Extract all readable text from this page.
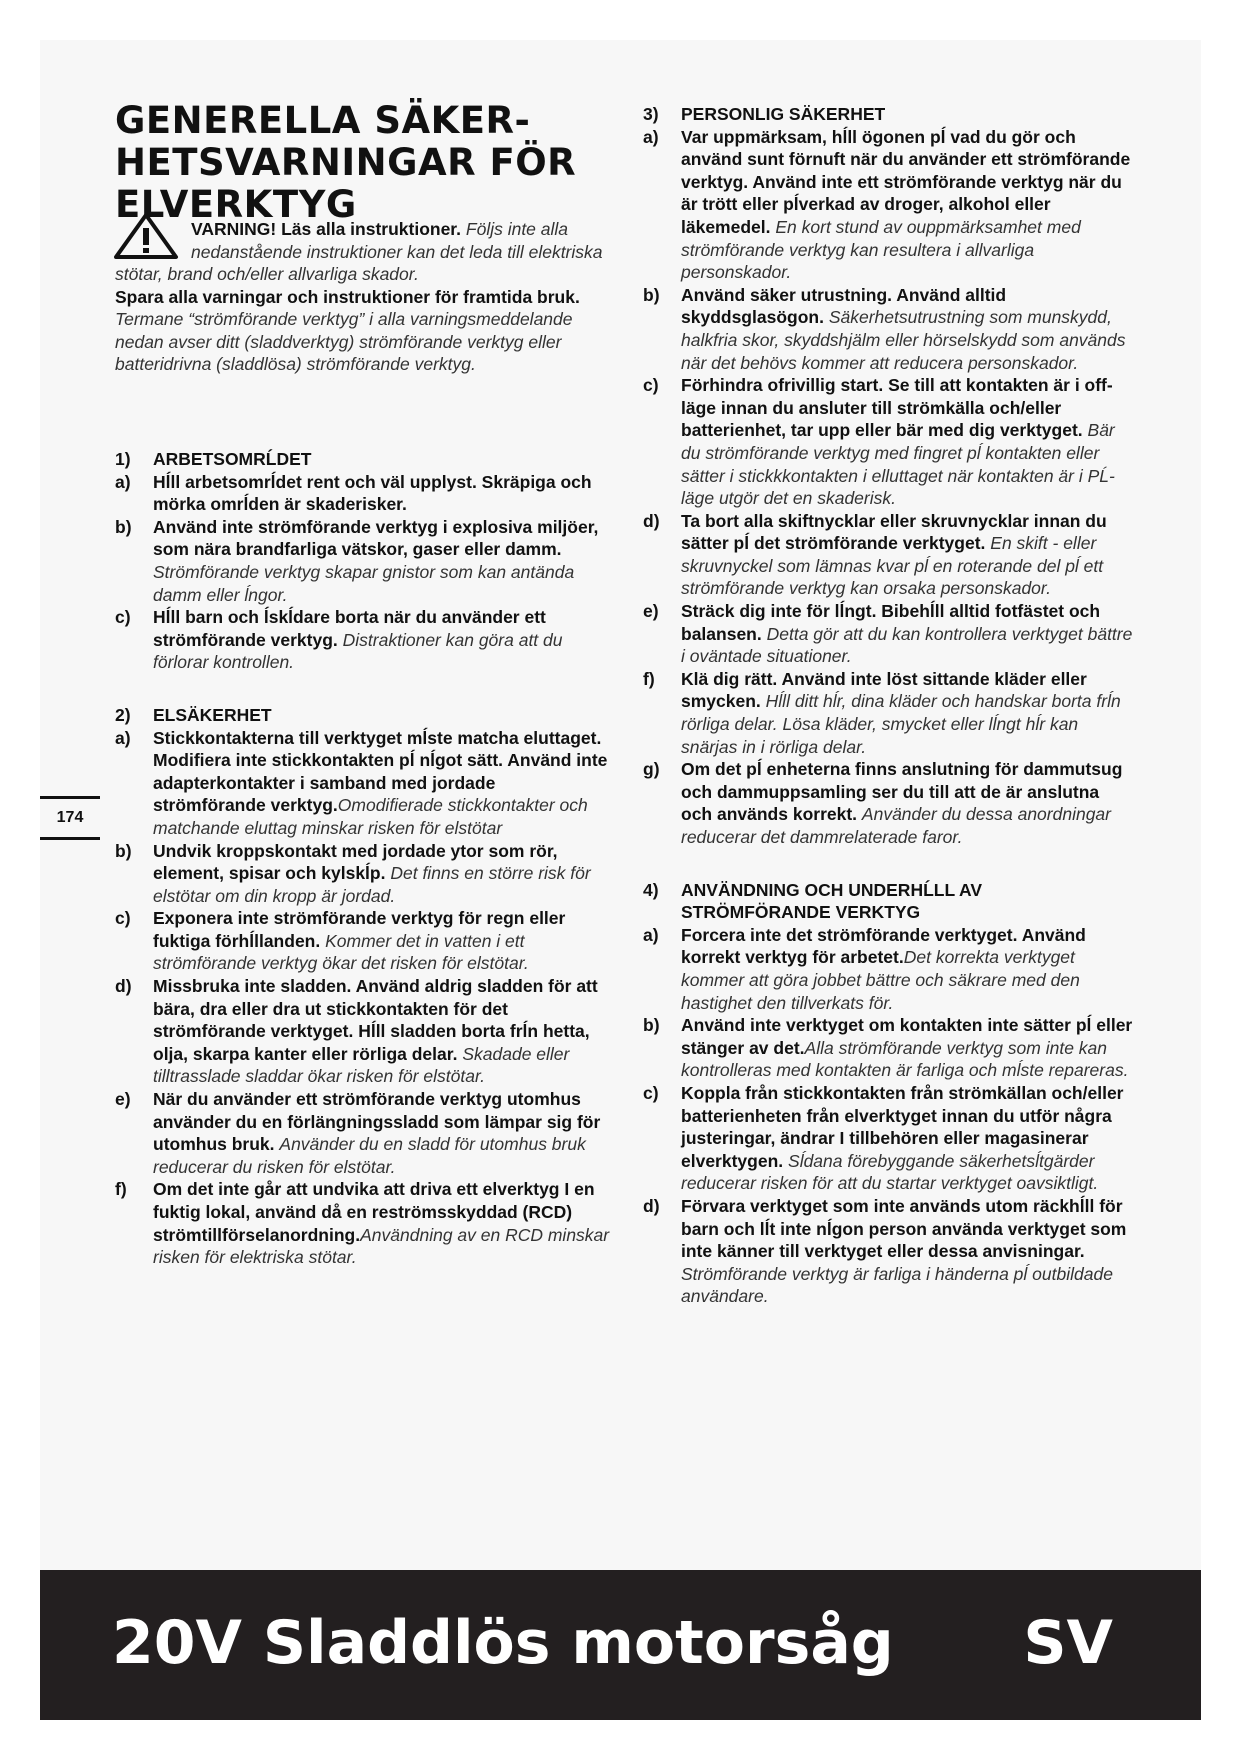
GENERELLA SÄKER-HETSVARNINGAR FÖR ELVERKTYG
VARNING! Läs alla instruktioner. Följs inte alla nedanstående instruktioner kan det leda till elektriska stötar, brand och/eller allvarliga skador.
Spara alla varningar och instruktioner för framtida bruk.
Termane “strömförande verktyg” i alla varningsmeddelande nedan avser ditt (sladdverktyg) strömförande verktyg eller batteridrivna (sladdlösa) strömförande verktyg.
1)	ARBETSOMRĹDET
a)	Hĺll arbetsomrĺdet rent och väl upplyst. Skräpiga och mörka omrĺden är skaderisker.
b)	Använd inte strömförande verktyg i explosiva miljöer, som nära brandfarliga vätskor, gaser eller damm. Strömförande verktyg skapar gnistor som kan antända damm eller ĺngor.
c)	Hĺll barn och ĺskĺdare borta när du använder ett strömförande verktyg. Distraktioner kan göra att du förlorar kontrollen.
2)	ELSÄKERHET
a)	Stickkontakterna till verktyget mĺste matcha eluttaget. Modifiera inte stickkontakten pĺ nĺgot sätt. Använd inte adapterkontakter i samband med jordade strömförande verktyg.Omodifierade stickkontakter och matchande eluttag minskar risken för elstötar
b)	Undvik kroppskontakt med jordade ytor som rör, element, spisar och kylskĺp. Det finns en större risk för elstötar om din kropp är jordad.
c)	Exponera inte strömförande verktyg för regn eller fuktiga förhĺllanden. Kommer det in vatten i ett strömförande verktyg ökar det risken för elstötar.
d)	Missbruka inte sladden. Använd aldrig sladden för att bära, dra eller dra ut stickkontakten för det strömförande verktyget. Hĺll sladden borta frĺn hetta, olja, skarpa kanter eller rörliga delar. Skadade eller tilltrasslade sladdar ökar risken för elstötar.
e)	När du använder ett strömförande verktyg utomhus använder du en förlängningssladd som lämpar sig för utomhus bruk. Använder du en sladd för utomhus bruk reducerar du risken för elstötar.
f)	Om det inte går att undvika att driva ett elverktyg I en fuktig lokal, använd då en reströmsskyddad (RCD) strömtillförselanordning.Användning av en RCD minskar risken för elektriska stötar.
174
3)	PERSONLIG SÄKERHET
a)	Var uppmärksam, hĺll ögonen pĺ vad du gör och använd sunt förnuft när du använder ett strömförande verktyg. Använd inte ett strömförande verktyg när du är trött eller pĺverkad av droger, alkohol eller läkemedel. En kort stund av ouppmärksamhet med strömförande verktyg kan resultera i allvarliga personskador.
b)	Använd säker utrustning. Använd alltid skyddsglasögon. Säkerhetsutrustning som munskydd, halkfria skor, skyddshjälm eller hörselskydd som används när det behövs kommer att reducera personskador.
c)	Förhindra ofrivillig start. Se till att kontakten är i off-läge innan du ansluter till strömkälla och/eller batterienhet, tar upp eller bär med dig verktyget. Bär du strömförande verktyg med fingret pĺ kontakten eller sätter i stickkkontakten i elluttaget när kontakten är i PĹ-läge utgör det en skaderisk.
d)	Ta bort alla skiftnycklar eller skruvnycklar innan du sätter pĺ det strömförande verktyget. En skift - eller skruvnyckel som lämnas kvar pĺ en roterande del pĺ ett strömförande verktyg kan orsaka personskador.
e)	Sträck dig inte för lĺngt. Bibehĺll alltid fotfästet och balansen. Detta gör att du kan kontrollera verktyget bättre i oväntade situationer.
f)	Klä dig rätt. Använd inte löst sittande kläder eller smycken. Hĺll ditt hĺr, dina kläder och handskar borta frĺn rörliga delar. Lösa kläder, smycket eller lĺngt hĺr kan snärjas in i rörliga delar.
g)	Om det pĺ enheterna finns anslutning för dammutsug och dammuppsamling ser du till att de är anslutna och används korrekt. Använder du dessa anordningar reducerar det dammrelaterade faror.
4)	ANVÄNDNING OCH UNDERHĹLL AV STRÖMFÖRANDE VERKTYG
a)	Forcera inte det strömförande verktyget. Använd korrekt verktyg för arbetet.Det korrekta verktyget kommer att göra jobbet bättre och säkrare med den hastighet den tillverkats för.
b)	Använd inte verktyget om kontakten inte sätter pĺ eller stänger av det.Alla strömförande verktyg som inte kan kontrolleras med kontakten är farliga och mĺste repareras.
c)	Koppla från stickkontakten från strömkällan och/eller batterienheten från elverktyget innan du utför några justeringar, ändrar I tillbehören eller magasinerar elverktygen. Sĺdana förebyggande säkerhetsĺtgärder reducerar risken för att du startar verktyget oavsiktligt.
d)	Förvara verktyget som inte används utom räckhĺll för barn och lĺt inte nĺgon person använda verktyget som inte känner till verktyget eller dessa anvisningar. Strömförande verktyg är farliga i händerna pĺ outbildade användare.
20V Sladdlös motorsåg SV
